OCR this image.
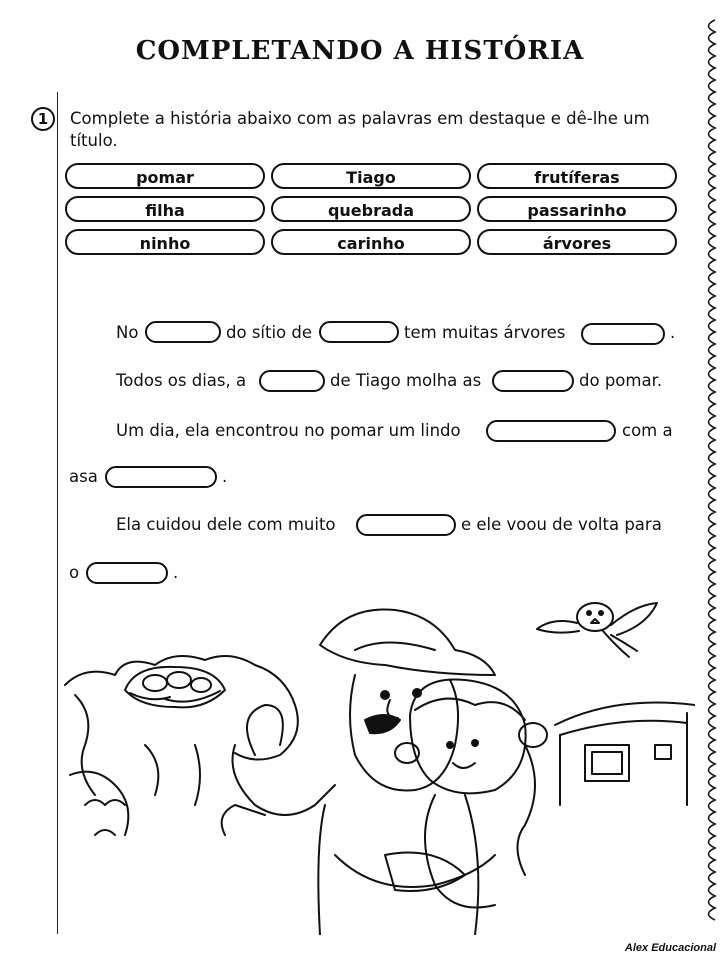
COMPLETANDO A HISTÓRIA
1	Complete a história abaixo com as palavras em destaque e dê-lhe um título.
pomar	Tiago	frutíferas
filha	quebrada	passarinho
ninho	carinho	árvores
No	do sítio de	tem muitas árvores	.
Todos os dias, a	de Tiago molha as	do pomar.
Um dia, ela encontrou no pomar um lindo	com a
asa	.
Ela cuidou dele com muito	e ele voou de volta para
o	.
Alex Educacional
